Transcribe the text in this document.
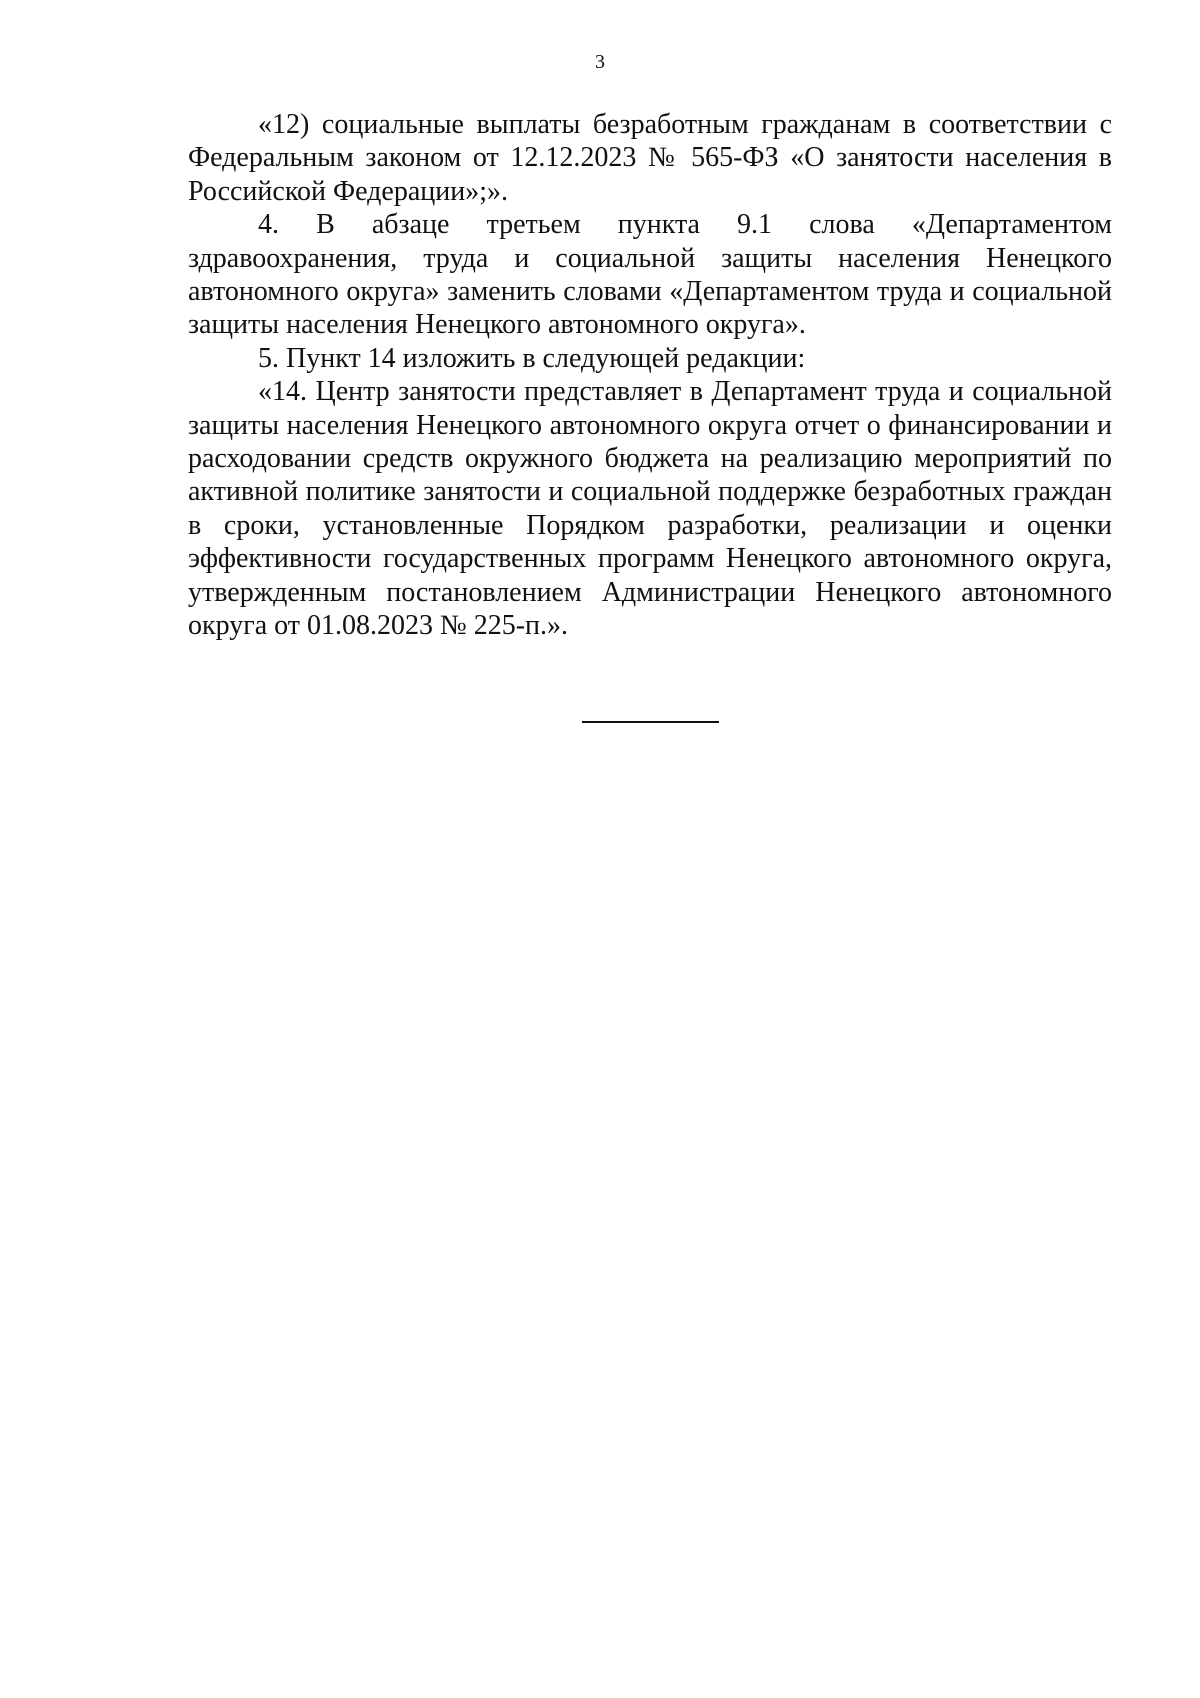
3

«12) социальные выплаты безработным гражданам в соответствии с Федеральным законом от 12.12.2023 № 565-ФЗ «О занятости населения в Российской Федерации»;».

4. В абзаце третьем пункта 9.1 слова «Департаментом здравоохранения, труда и социальной защиты населения Ненецкого автономного округа» заменить словами «Департаментом труда и социальной защиты населения Ненецкого автономного округа».

5. Пункт 14 изложить в следующей редакции:

«14. Центр занятости представляет в Департамент труда и социальной защиты населения Ненецкого автономного округа отчет о финансировании и расходовании средств окружного бюджета на реализацию мероприятий по активной политике занятости и социальной поддержке безработных граждан в сроки, установленные Порядком разработки, реализации и оценки эффективности государственных программ Ненецкого автономного округа, утвержденным постановлением Администрации Ненецкого автономного округа от 01.08.2023 № 225-п.».
